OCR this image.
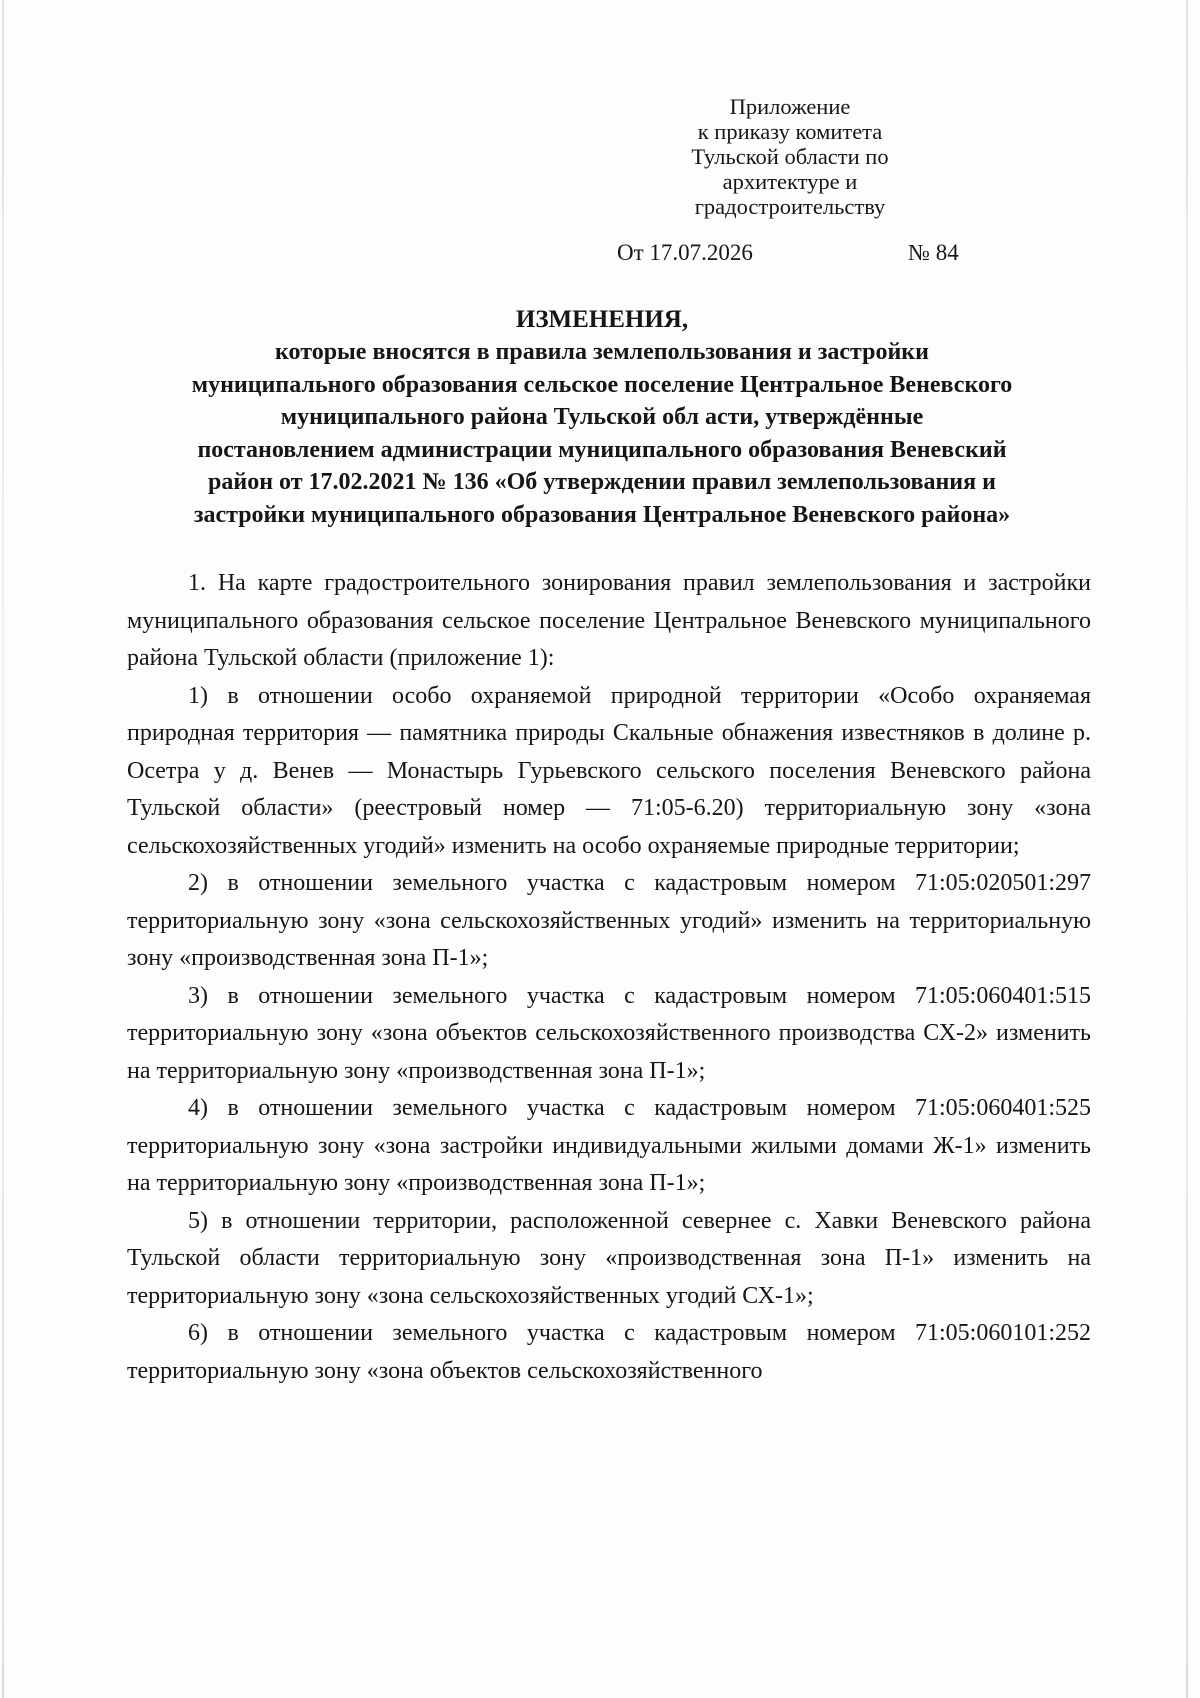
Приложение
к приказу комитета
Тульской области по
архитектуре и
градостроительству
От 17.07.2026	№ 84
ИЗМЕНЕНИЯ,
которые вносятся в правила землепользования и застройки
муниципального образования сельское поселение Центральное Веневского
муниципального района Тульской обл асти, утверждённые
постановлением администрации муниципального образования Веневский
район от 17.02.2021 № 136 «Об утверждении правил землепользования и
застройки муниципального образования Центральное Веневского района»

1. На карте градостроительного зонирования правил землепользования и застройки муниципального образования сельское поселение Центральное Веневского муниципального района Тульской области (приложение 1):

1) в отношении особо охраняемой природной территории «Особо охраняемая природная территория — памятника природы Скальные обнажения известняков в долине р. Осетра у д. Венев — Монастырь Гурьевского сельского поселения Веневского района Тульской области» (реестровый номер — 71:05-6.20) территориальную зону «зона сельскохозяйственных угодий» изменить на особо охраняемые природные территории;

2) в отношении земельного участка с кадастровым номером 71:05:020501:297 территориальную зону «зона сельскохозяйственных угодий» изменить на территориальную зону «производственная зона П-1»;

3) в отношении земельного участка с кадастровым номером 71:05:060401:515 территориальную зону «зона объектов сельскохозяйственного производства СХ-2» изменить на территориальную зону «производственная зона П-1»;

4) в отношении земельного участка с кадастровым номером 71:05:060401:525 территориальную зону «зона застройки индивидуальными жилыми домами Ж-1» изменить на территориальную зону «производственная зона П-1»;

5) в отношении территории, расположенной севернее с. Хавки Веневского района Тульской области территориальную зону «производственная зона П-1» изменить на территориальную зону «зона сельскохозяйственных угодий СХ-1»;

6) в отношении земельного участка с кадастровым номером 71:05:060101:252 территориальную зону «зона объектов сельскохозяйственного
